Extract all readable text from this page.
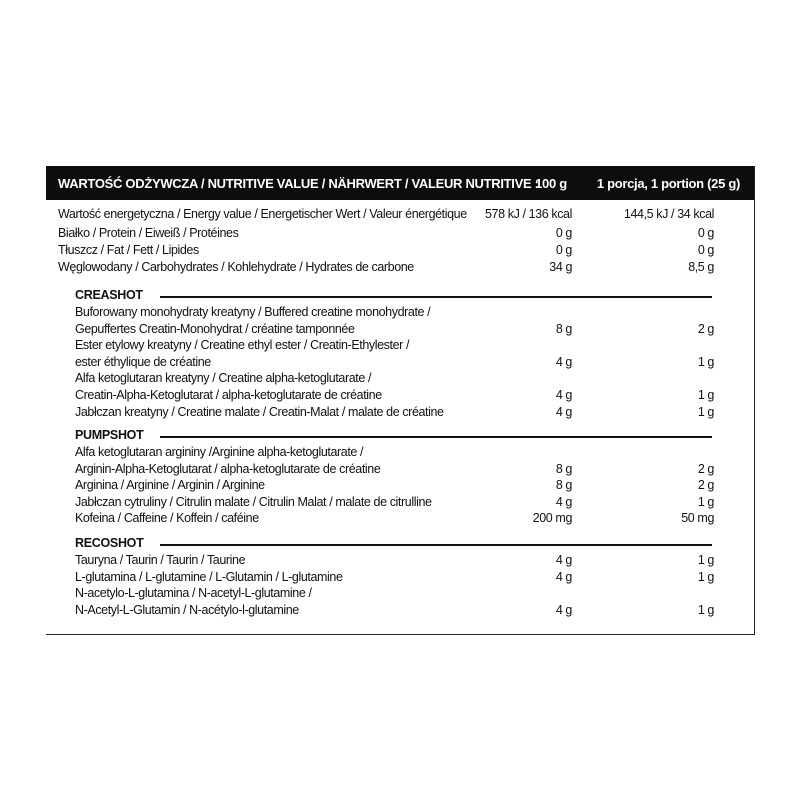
WARTOŚĆ ODŻYWCZA / NUTRITIVE VALUE / NÄHRWERT / VALEUR NUTRITIVE :
100 g	1 porcja, 1 portion (25 g)
Wartość energetyczna / Energy value / Energetischer Wert / Valeur énergétique	578 kJ / 136 kcal	144,5 kJ / 34 kcal
Białko / Protein / Eiweiß / Protéines	0 g	0 g
Tłuszcz / Fat / Fett / Lipides	0 g	0 g
Węglowodany / Carbohydrates / Kohlehydrate / Hydrates de carbone	34 g	8,5 g
CREASHOT
Buforowany monohydraty kreatyny / Buffered creatine monohydrate /
Gepuffertes Creatin-Monohydrat / créatine tamponnée	8 g	2 g
Ester etylowy kreatyny / Creatine ethyl ester / Creatin-Ethylester /
ester éthylique de créatine	4 g	1 g
Alfa ketoglutaran kreatyny / Creatine alpha-ketoglutarate /
Creatin-Alpha-Ketoglutarat / alpha-ketoglutarate de créatine	4 g	1 g
Jabłczan kreatyny / Creatine malate / Creatin-Malat / malate de créatine	4 g	1 g
PUMPSHOT
Alfa ketoglutaran argininy /Arginine alpha-ketoglutarate /
Arginin-Alpha-Ketoglutarat / alpha-ketoglutarate de créatine	8 g	2 g
Arginina / Arginine / Arginin / Arginine	8 g	2 g
Jabłczan cytruliny / Citrulin malate / Citrulin Malat / malate de citrulline	4 g	1 g
Kofeina / Caffeine / Koffein / caféine	200 mg	50 mg
RECOSHOT
Tauryna / Taurin / Taurin / Taurine	4 g	1 g
L-glutamina / L-glutamine / L-Glutamin / L-glutamine	4 g	1 g
N-acetylo-L-glutamina / N-acetyl-L-glutamine /
N-Acetyl-L-Glutamin / N-acétylo-l-glutamine	4 g	1 g
